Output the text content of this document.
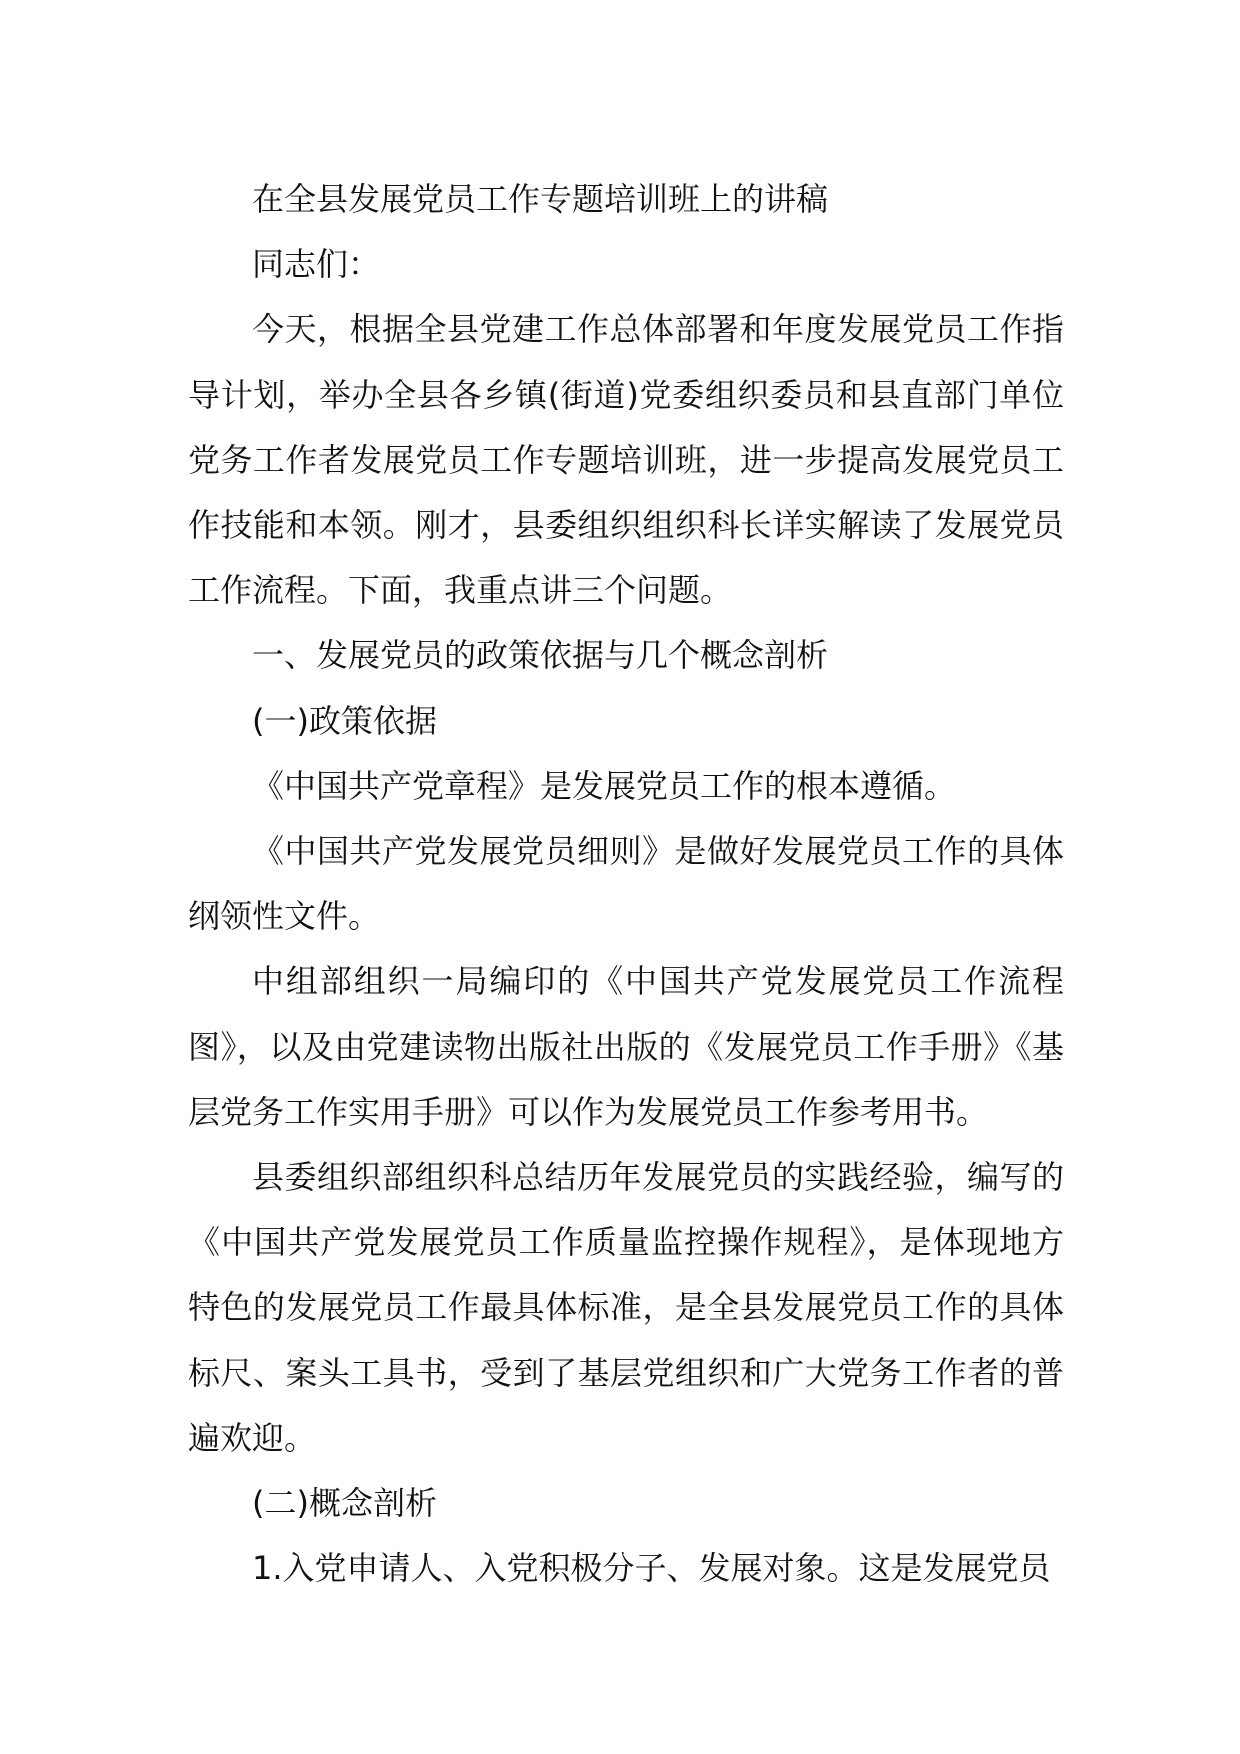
在全县发展党员工作专题培训班上的讲稿

同志们：

今天，根据全县党建工作总体部署和年度发展党员工作指导计划，举办全县各乡镇(街道)党委组织委员和县直部门单位党务工作者发展党员工作专题培训班，进一步提高发展党员工作技能和本领。刚才，县委组织组织科长详实解读了发展党员工作流程。下面，我重点讲三个问题。

一、发展党员的政策依据与几个概念剖析

(一)政策依据

《中国共产党章程》是发展党员工作的根本遵循。

《中国共产党发展党员细则》是做好发展党员工作的具体纲领性文件。

中组部组织一局编印的《中国共产党发展党员工作流程图》，以及由党建读物出版社出版的《发展党员工作手册》《基层党务工作实用手册》可以作为发展党员工作参考用书。

县委组织部组织科总结历年发展党员的实践经验，编写的《中国共产党发展党员工作质量监控操作规程》，是体现地方特色的发展党员工作最具体标准，是全县发展党员工作的具体标尺、案头工具书，受到了基层党组织和广大党务工作者的普遍欢迎。

(二)概念剖析

1.入党申请人、入党积极分子、发展对象。这是发展党员
